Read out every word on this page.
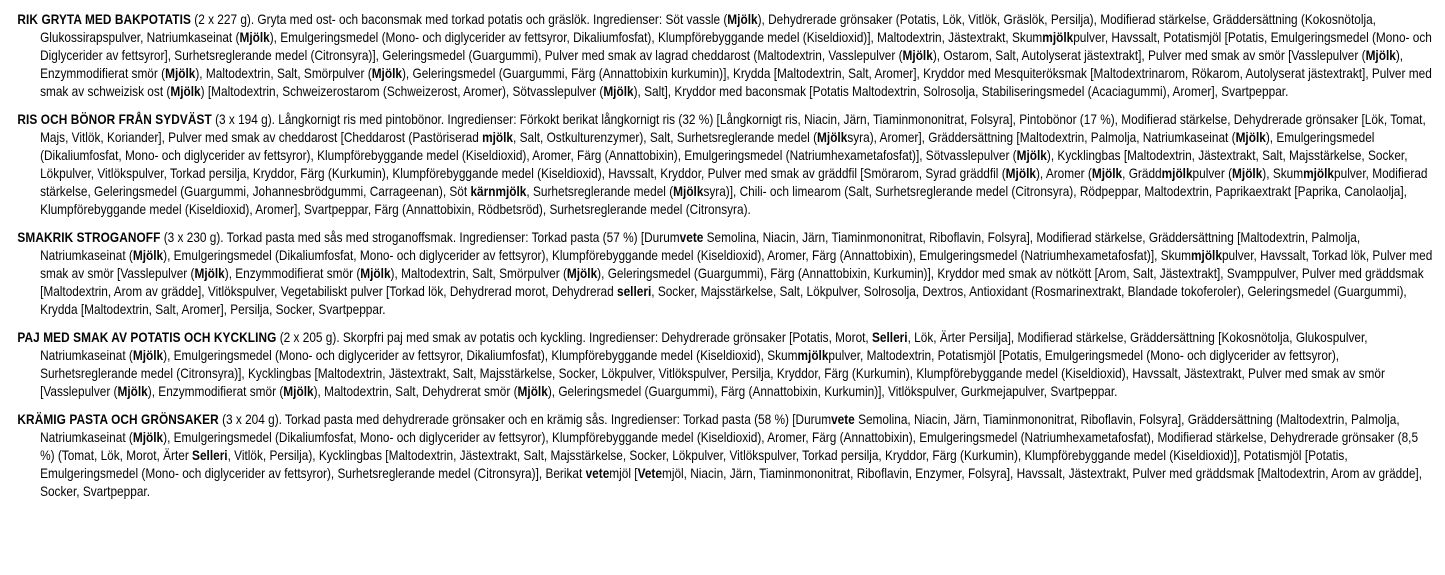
RIK GRYTA MED BAKPOTATIS (2 x 227 g). Gryta med ost- och baconsmak med torkad potatis och gräslök. Ingredienser: Söt vassle (Mjölk), Dehydrerade grönsaker (Potatis, Lök, Vitlök, Gräslök, Persilja), Modifierad stärkelse, Gräddersättning (Kokosnötolja, Glukossirapspulver, Natriumkaseinat (Mjölk), Emulgeringsmedel (Mono- och diglycerider av fettsyror, Dikaliumfosfat), Klumpförebyggande medel (Kiseldioxid)], Maltodextrin, Jästextrakt, Skummjölkpulver, Havssalt, Potatismjöl [Potatis, Emulgeringsmedel (Mono- och Diglycerider av fettsyror], Surhetsreglerande medel (Citronsyra)], Geleringsmedel (Guargummi), Pulver med smak av lagrad cheddarost (Maltodextrin, Vasslepulver (Mjölk), Ostarom, Salt, Autolyserat jästextrakt], Pulver med smak av smör [Vasslepulver (Mjölk), Enzymmodifierat smör (Mjölk), Maltodextrin, Salt, Smörpulver (Mjölk), Geleringsmedel (Guargummi, Färg (Annattobixin kurkumin)], Krydda [Maltodextrin, Salt, Aromer], Kryddor med Mesquiteröksmak [Maltodextrinarom, Rökarom, Autolyserat jästextrakt], Pulver med smak av schweizisk ost (Mjölk) [Maltodextrin, Schweizerostarom (Schweizerost, Aromer), Sötvasslepulver (Mjölk), Salt], Kryddor med baconsmak [Potatis Maltodextrin, Solrosolja, Stabiliseringsmedel (Acaciagummi), Aromer], Svartpeppar.

RIS OCH BÖNOR FRÅN SYDVÄST (3 x 194 g). Långkornigt ris med pintobönor. Ingredienser: Förkokt berikat långkornigt ris (32 %) [Långkornigt ris, Niacin, Järn, Tiaminmononitrat, Folsyra], Pintobönor (17 %), Modifierad stärkelse, Dehydrerade grönsaker [Lök, Tomat, Majs, Vitlök, Koriander], Pulver med smak av cheddarost [Cheddarost (Pastöriserad mjölk, Salt, Ostkulturenzymer), Salt, Surhetsreglerande medel (Mjölksyra), Aromer], Gräddersättning [Maltodextrin, Palmolja, Natriumkaseinat (Mjölk), Emulgeringsmedel (Dikaliumfosfat, Mono- och diglycerider av fettsyror), Klumpförebyggande medel (Kiseldioxid), Aromer, Färg (Annattobixin), Emulgeringsmedel (Natriumhexametafosfat)], Sötvasslepulver (Mjölk), Kycklingbas [Maltodextrin, Jästextrakt, Salt, Majsstärkelse, Socker, Lökpulver, Vitlökspulver, Torkad persilja, Kryddor, Färg (Kurkumin), Klumpförebyggande medel (Kiseldioxid), Havssalt, Kryddor, Pulver med smak av gräddfil [Smörarom, Syrad gräddfil (Mjölk), Aromer (Mjölk, Gräddmjölkpulver (Mjölk), Skummjölkpulver, Modifierad stärkelse, Geleringsmedel (Guargummi, Johannesbrödgummi, Carrageenan), Söt kärnmjölk, Surhetsreglerande medel (Mjölksyra)], Chili- och limearom (Salt, Surhetsreglerande medel (Citronsyra), Rödpeppar, Maltodextrin, Paprikaextrakt [Paprika, Canolaolja], Klumpförebyggande medel (Kiseldioxid), Aromer], Svartpeppar, Färg (Annattobixin, Rödbetsröd), Surhetsreglerande medel (Citronsyra).

SMAKRIK STROGANOFF (3 x 230 g). Torkad pasta med sås med stroganoffsmak. Ingredienser: Torkad pasta (57 %) [Durumvete Semolina, Niacin, Järn, Tiaminmononitrat, Riboflavin, Folsyra], Modifierad stärkelse, Gräddersättning [Maltodextrin, Palmolja, Natriumkaseinat (Mjölk), Emulgeringsmedel (Dikaliumfosfat, Mono- och diglycerider av fettsyror), Klumpförebyggande medel (Kiseldioxid), Aromer, Färg (Annattobixin), Emulgeringsmedel (Natriumhexametafosfat)], Skummjölkpulver, Havssalt, Torkad lök, Pulver med smak av smör [Vasslepulver (Mjölk), Enzymmodifierat smör (Mjölk), Maltodextrin, Salt, Smörpulver (Mjölk), Geleringsmedel (Guargummi), Färg (Annattobixin, Kurkumin)], Kryddor med smak av nötkött [Arom, Salt, Jästextrakt], Svamppulver, Pulver med gräddsmak [Maltodextrin, Arom av grädde], Vitlökspulver, Vegetabiliskt pulver [Torkad lök, Dehydrerad morot, Dehydrerad selleri, Socker, Majsstärkelse, Salt, Lökpulver, Solrosolja, Dextros, Antioxidant (Rosmarinextrakt, Blandade tokoferoler), Geleringsmedel (Guargummi), Krydda [Maltodextrin, Salt, Aromer], Persilja, Socker, Svartpeppar.

PAJ MED SMAK AV POTATIS OCH KYCKLING (2 x 205 g). Skorpfri paj med smak av potatis och kyckling. Ingredienser: Dehydrerade grönsaker [Potatis, Morot, Selleri, Lök, Ärter Persilja], Modifierad stärkelse, Gräddersättning [Kokosnötolja, Glukospulver, Natriumkaseinat (Mjölk), Emulgeringsmedel (Mono- och diglycerider av fettsyror, Dikaliumfosfat), Klumpförebyggande medel (Kiseldioxid), Skummjölkpulver, Maltodextrin, Potatismjöl [Potatis, Emulgeringsmedel (Mono- och diglycerider av fettsyror), Surhetsreglerande medel (Citronsyra)], Kycklingbas [Maltodextrin, Jästextrakt, Salt, Majsstärkelse, Socker, Lökpulver, Vitlökspulver, Persilja, Kryddor, Färg (Kurkumin), Klumpförebyggande medel (Kiseldioxid), Havssalt, Jästextrakt, Pulver med smak av smör [Vasslepulver (Mjölk), Enzymmodifierat smör (Mjölk), Maltodextrin, Salt, Dehydrerat smör (Mjölk), Geleringsmedel (Guargummi), Färg (Annattobixin, Kurkumin)], Vitlökspulver, Gurkmejapulver, Svartpeppar.

KRÄMIG PASTA OCH GRÖNSAKER (3 x 204 g). Torkad pasta med dehydrerade grönsaker och en krämig sås. Ingredienser: Torkad pasta (58 %) [Durumvete Semolina, Niacin, Järn, Tiaminmononitrat, Riboflavin, Folsyra], Gräddersättning (Maltodextrin, Palmolja, Natriumkaseinat (Mjölk), Emulgeringsmedel (Dikaliumfosfat, Mono- och diglycerider av fettsyror), Klumpförebyggande medel (Kiseldioxid), Aromer, Färg (Annattobixin), Emulgeringsmedel (Natriumhexametafosfat), Modifierad stärkelse, Dehydrerade grönsaker (8,5 %) (Tomat, Lök, Morot, Ärter Selleri, Vitlök, Persilja), Kycklingbas [Maltodextrin, Jästextrakt, Salt, Majsstärkelse, Socker, Lökpulver, Vitlökspulver, Torkad persilja, Kryddor, Färg (Kurkumin), Klumpförebyggande medel (Kiseldioxid)], Potatismjöl [Potatis, Emulgeringsmedel (Mono- och diglycerider av fettsyror), Surhetsreglerande medel (Citronsyra)], Berikat vetemjöl [Vetemjöl, Niacin, Järn, Tiaminmononitrat, Riboflavin, Enzymer, Folsyra], Havssalt, Jästextrakt, Pulver med gräddsmak [Maltodextrin, Arom av grädde], Socker, Svartpeppar.
